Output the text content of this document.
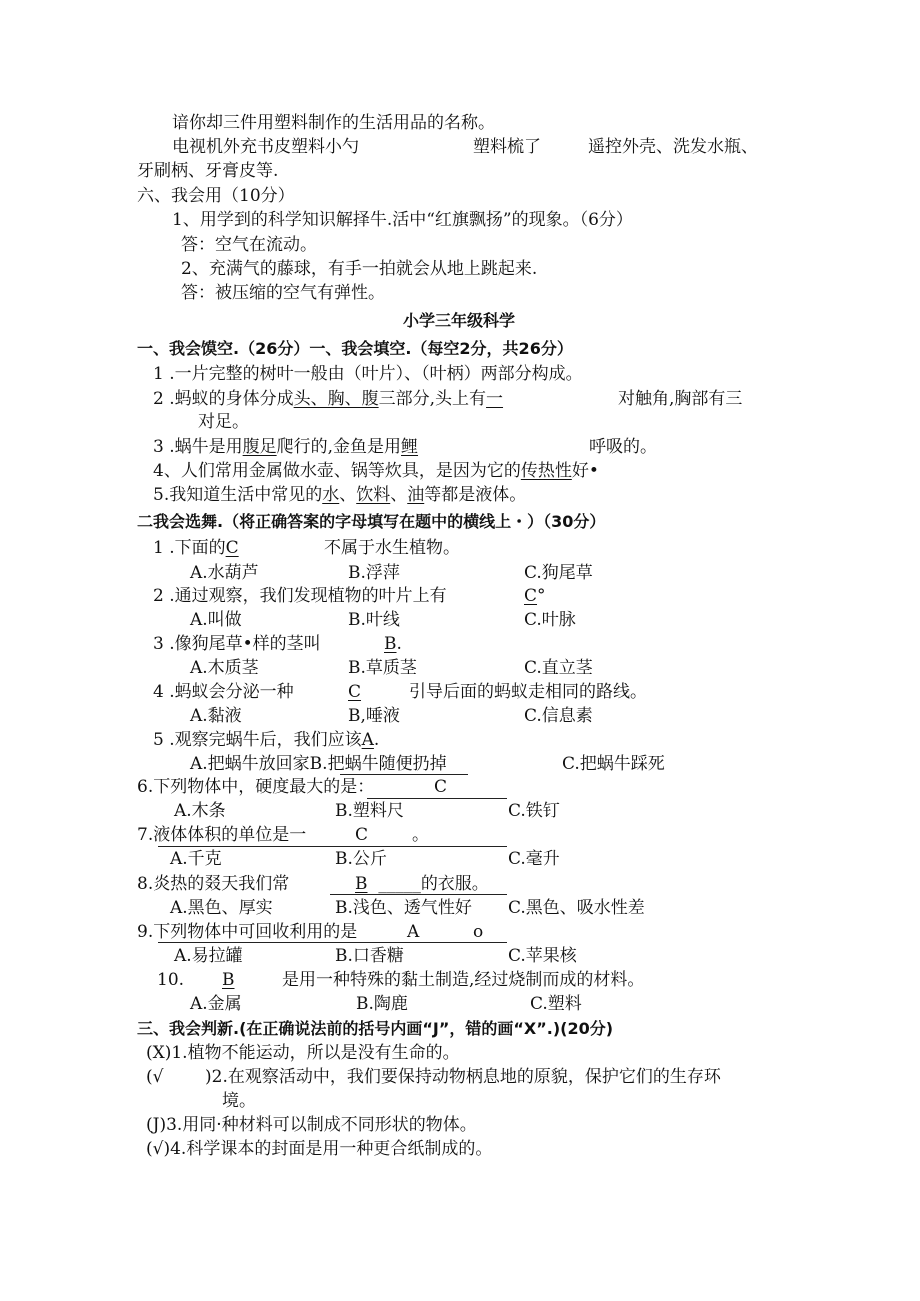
谙你却三件用塑料制作的生活用品的名称。
电视机外充书皮塑料小勺	塑料梳了	遥控外壳、洗发水瓶、
牙刷柄、牙膏皮等.
六、我会用（10分）
1、用学到的科学知识解择牛.活中“红旗飘扬”的现象。（6分）
答：空气在流动。
2、充满气的藤球，有手一拍就会从地上跳起来.
答：被压缩的空气有弹性。
小学三年级科学
一、我会馍空.（26分）一、我会填空.（每空2分，共26分）
1 .一片完整的树叶一般由（叶片）、（叶柄）两部分构成。
2 .蚂蚁的身体分成头、胸、腹三部分,头上有一	对触角,胸部有三
对足。
3 .蜗牛是用腹足爬行的,金鱼是用鲤	呼吸的。
4、人们常用金属做水壶、锅等炊具，是因为它的传热性好•
5.我知道生活中常见的水、饮料、油等都是液体。
二我会选舞.（将正确答案的字母填写在题中的横线上・）（30分）
1 .下面的C	不属于水生植物。
A.水葫芦	B.浮萍	C.狗尾草
2 .通过观察，我们发现植物的叶片上有	C°
A.叫做	B.叶线	C.叶脉
3 .像狗尾草•样的茎叫	B.
A.木质茎	B.草质茎	C.直立茎
4 .蚂蚁会分泌一种	C	引导后面的蚂蚁走相同的路线。
A.黏液	B,唾液	C.信息素
5 .观察完蜗牛后，我们应该A.
A.把蜗牛放回家B.把蜗牛随便扔掉	C.把蜗牛踩死
6.下列物体中，硬度最大的是：	C
A.木条	B.塑料尺	C.铁钉
7.液体体积的单位是一	C	。
A.千克	B.公斤	C.毫升
8.炎热的叕天我们常	B _____的衣服。
A.黑色、厚实	B.浅色、透气性好 C.黑色、吸水性差
9.下列物体中可回收利用的是	A	o
A.易拉罐	B.口香糖	C.苹果核
10. B	是用一种特殊的黏土制造,经过烧制而成的材料。
A.金属	B.陶鹿	C.塑料
三、我会判新.(在正确说法前的括号内画“J”，错的画“X”.)(20分)
(X)1.植物不能运动，所以是没有生命的。
(√ )2.在观察活动中，我们要保持动物柄息地的原貌，保护它们的生存环
境。
(J)3.用同·种材料可以制成不同形状的物体。
(√)4.科学课本的封面是用一种更合纸制成的。
